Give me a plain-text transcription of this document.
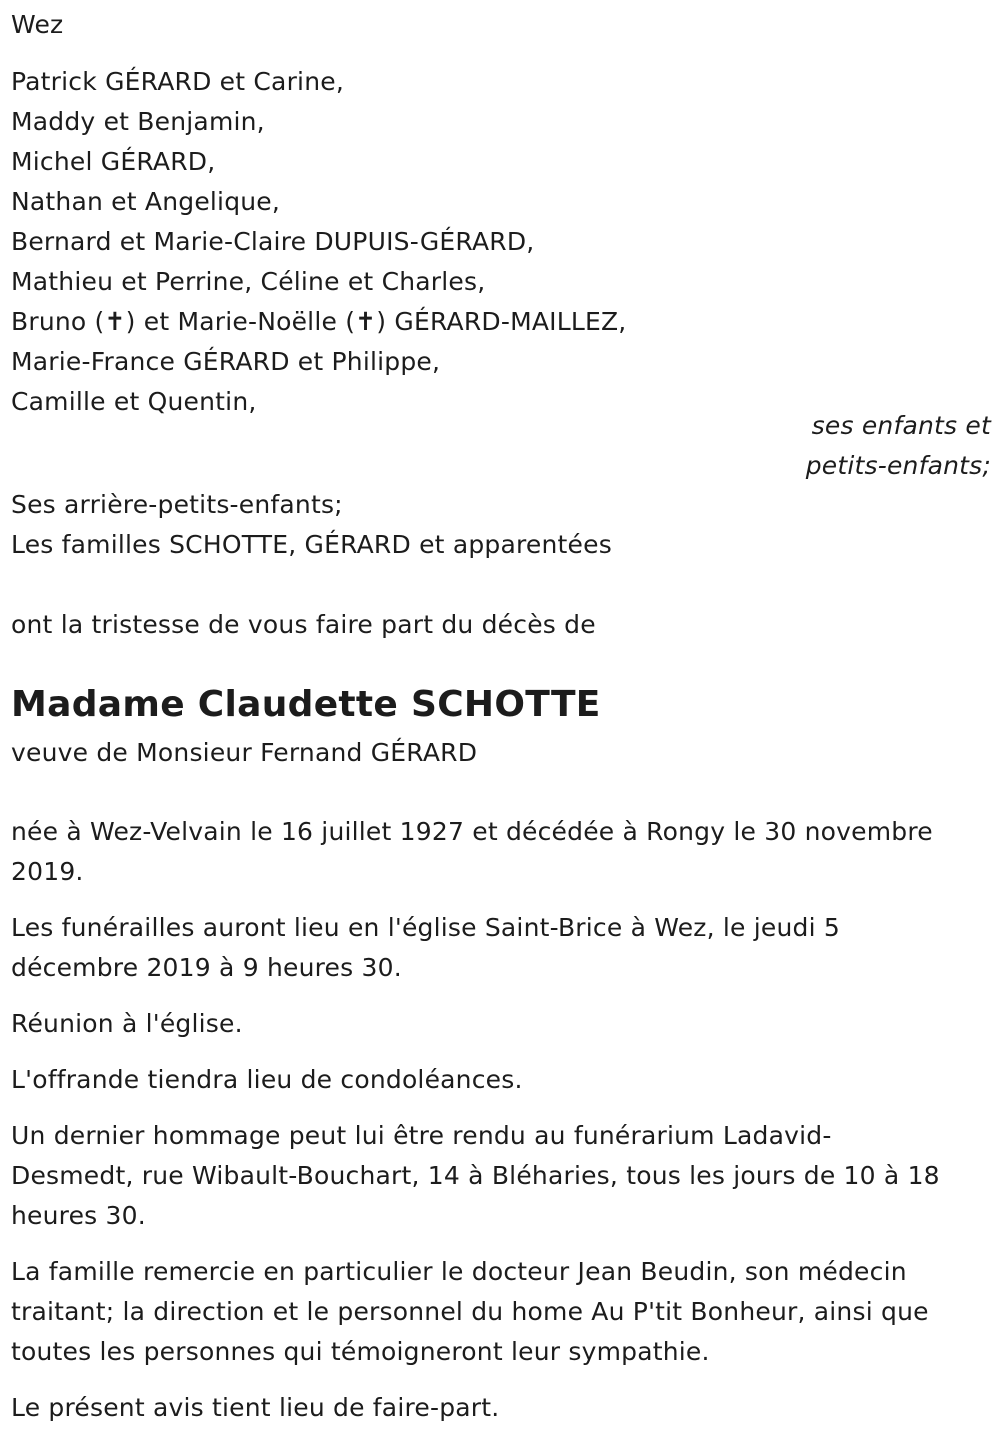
Wez
Patrick GÉRARD et Carine,
Maddy et Benjamin,
Michel GÉRARD,
Nathan et Angelique,
Bernard et Marie-Claire DUPUIS-GÉRARD,
Mathieu et Perrine, Céline et Charles,
Bruno (✝) et Marie-Noëlle (✝) GÉRARD-MAILLEZ,
Marie-France GÉRARD et Philippe,
Camille et Quentin,
ses enfants et
petits-enfants;
Ses arrière-petits-enfants;
Les familles SCHOTTE, GÉRARD et apparentées
ont la tristesse de vous faire part du décès de
Madame Claudette SCHOTTE
veuve de Monsieur Fernand GÉRARD

née à Wez-Velvain le 16 juillet 1927 et décédée à Rongy le 30 novembre
2019.

Les funérailles auront lieu en l'église Saint-Brice à Wez, le jeudi 5
décembre 2019 à 9 heures 30.

Réunion à l'église.

L'offrande tiendra lieu de condoléances.

Un dernier hommage peut lui être rendu au funérarium Ladavid-
Desmedt, rue Wibault-Bouchart, 14 à Bléharies, tous les jours de 10 à 18
heures 30.

La famille remercie en particulier le docteur Jean Beudin, son médecin
traitant; la direction et le personnel du home Au P'tit Bonheur, ainsi que
toutes les personnes qui témoigneront leur sympathie.

Le présent avis tient lieu de faire-part.
